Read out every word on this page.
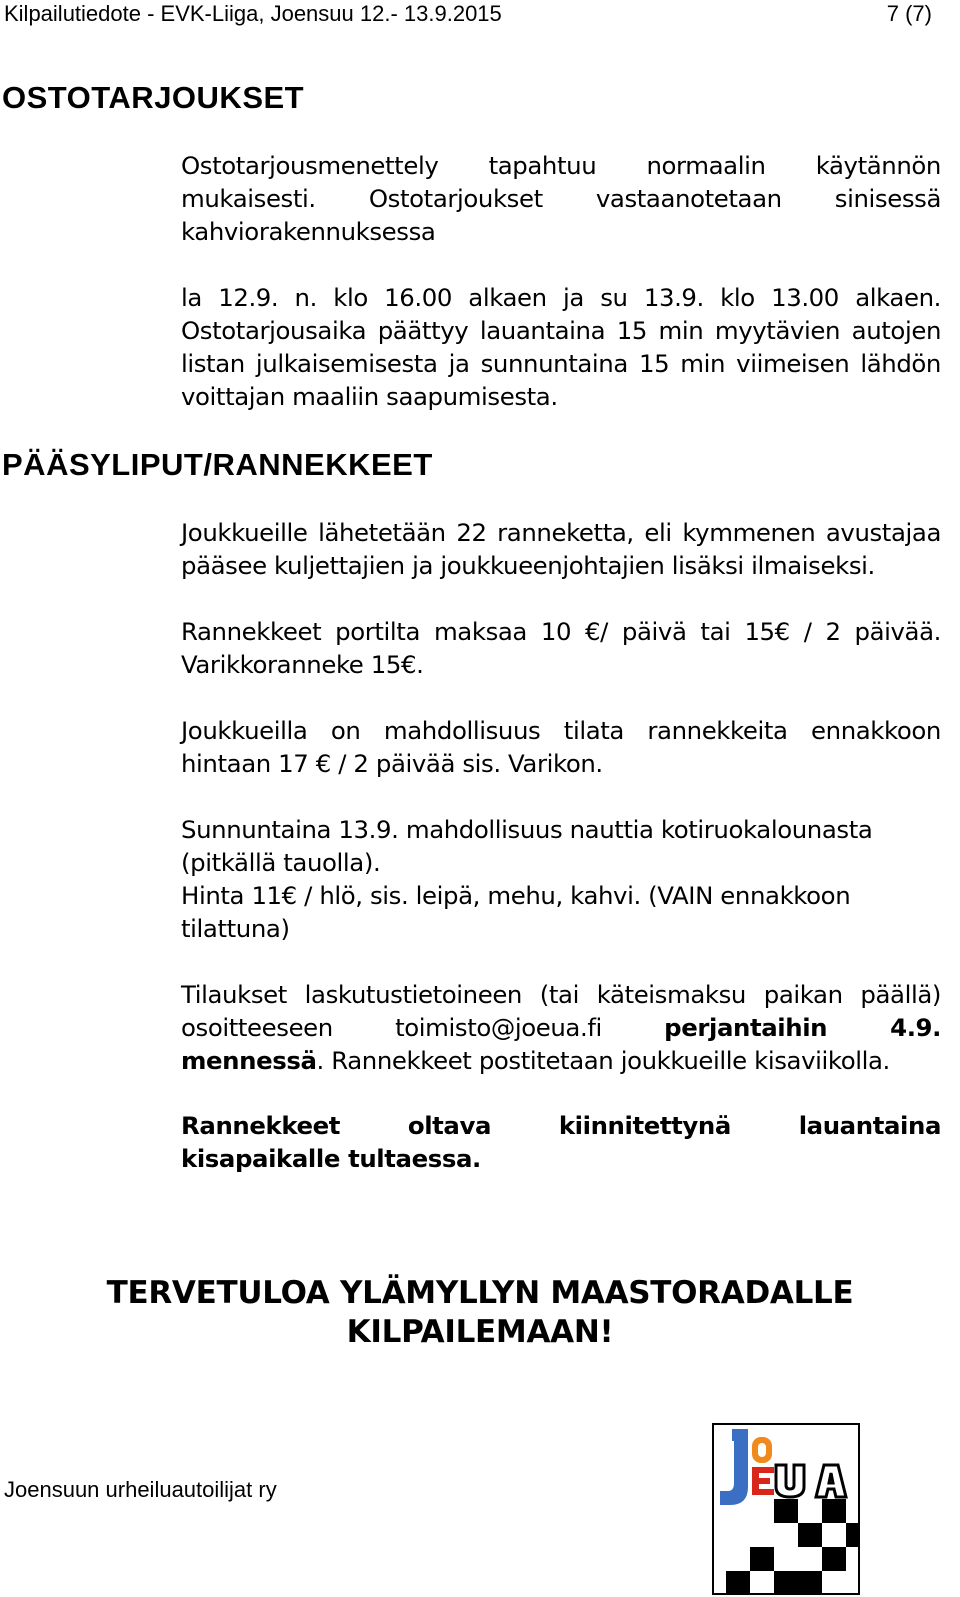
Kilpailutiedote - EVK-Liiga, Joensuu 12.- 13.9.2015	7 (7)
OSTOTARJOUKSET

Ostotarjousmenettely tapahtuu normaalin käytännön

mukaisesti. Ostotarjoukset vastaanotetaan sinisessä

kahviorakennuksessa

la 12.9. n. klo 16.00 alkaen ja su 13.9. klo 13.00 alkaen.

Ostotarjousaika päättyy lauantaina 15 min myytävien autojen

listan julkaisemisesta ja sunnuntaina 15 min viimeisen lähdön

voittajan maaliin saapumisesta.

PÄÄSYLIPUT/RANNEKKEET

Joukkueille lähetetään 22 ranneketta, eli kymmenen avustajaa

pääsee kuljettajien ja joukkueenjohtajien lisäksi ilmaiseksi.

Rannekkeet portilta maksaa 10 €/ päivä tai 15€ / 2 päivää.

Varikkoranneke 15€.

Joukkueilla on mahdollisuus tilata rannekkeita ennakkoon

hintaan 17 € / 2 päivää sis. Varikon.

Sunnuntaina 13.9. mahdollisuus nauttia kotiruokalounasta

(pitkällä tauolla).

Hinta 11€ / hlö, sis. leipä, mehu, kahvi. (VAIN ennakkoon

tilattuna)

Tilaukset laskutustietoineen (tai käteismaksu paikan päällä)

osoitteeseen toimisto@joeua.fi	perjantaihin 4.9.

mennessä. Rannekkeet postitetaan joukkueille kisaviikolla.

Rannekkeet oltava kiinnitettynä lauantaina

kisapaikalle tultaessa.

TERVETULOA YLÄMYLLYN MAASTORADALLE
KILPAILEMAAN!
Joensuun urheiluautoilijat ry
